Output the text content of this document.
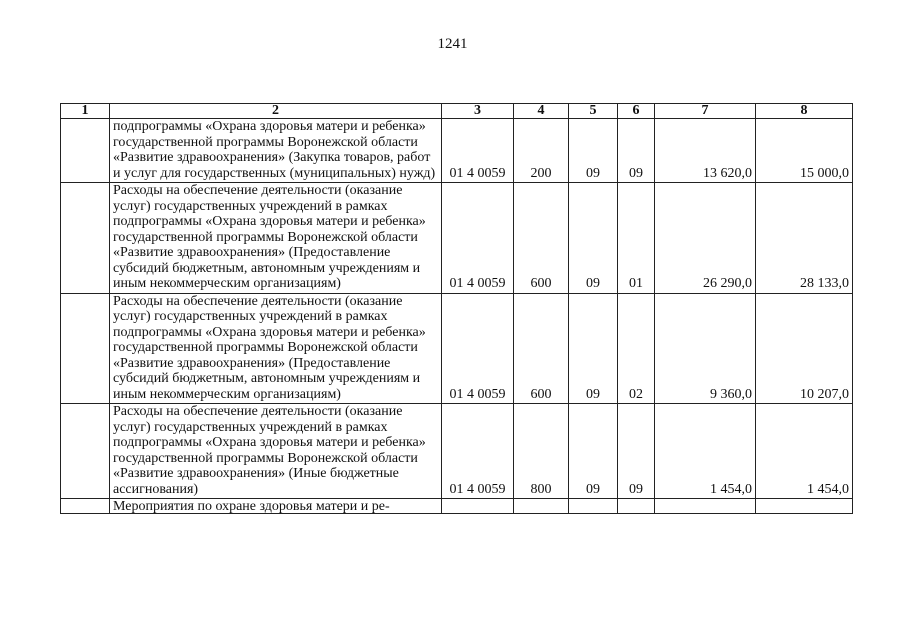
1241
1	2	3	4	5	6	7	8
	подпрограммы «Охрана здоровья матери и ребенка» государственной программы Воронежской области «Развитие здравоохранения» (Закупка товаров, работ и услуг для государственных (муниципальных) нужд)	01 4 0059	200	09	09	13 620,0	15 000,0
	Расходы на обеспечение деятельности (оказание услуг) государственных учреждений в рамках подпрограммы «Охрана здоровья матери и ребенка» государственной программы Воронежской области «Развитие здравоохранения» (Предоставление субсидий бюджетным, автономным учреждениям и иным некоммерческим организациям)	01 4 0059	600	09	01	26 290,0	28 133,0
	Расходы на обеспечение деятельности (оказание услуг) государственных учреждений в рамках подпрограммы «Охрана здоровья матери и ребенка» государственной программы Воронежской области «Развитие здравоохранения» (Предоставление субсидий бюджетным, автономным учреждениям и иным некоммерческим организациям)	01 4 0059	600	09	02	9 360,0	10 207,0
	Расходы на обеспечение деятельности (оказание услуг) государственных учреждений в рамках подпрограммы «Охрана здоровья матери и ребенка» государственной программы Воронежской области «Развитие здравоохранения» (Иные бюджетные ассигнования)	01 4 0059	800	09	09	1 454,0	1 454,0

	Мероприятия по охране здоровья матери и ре-						
